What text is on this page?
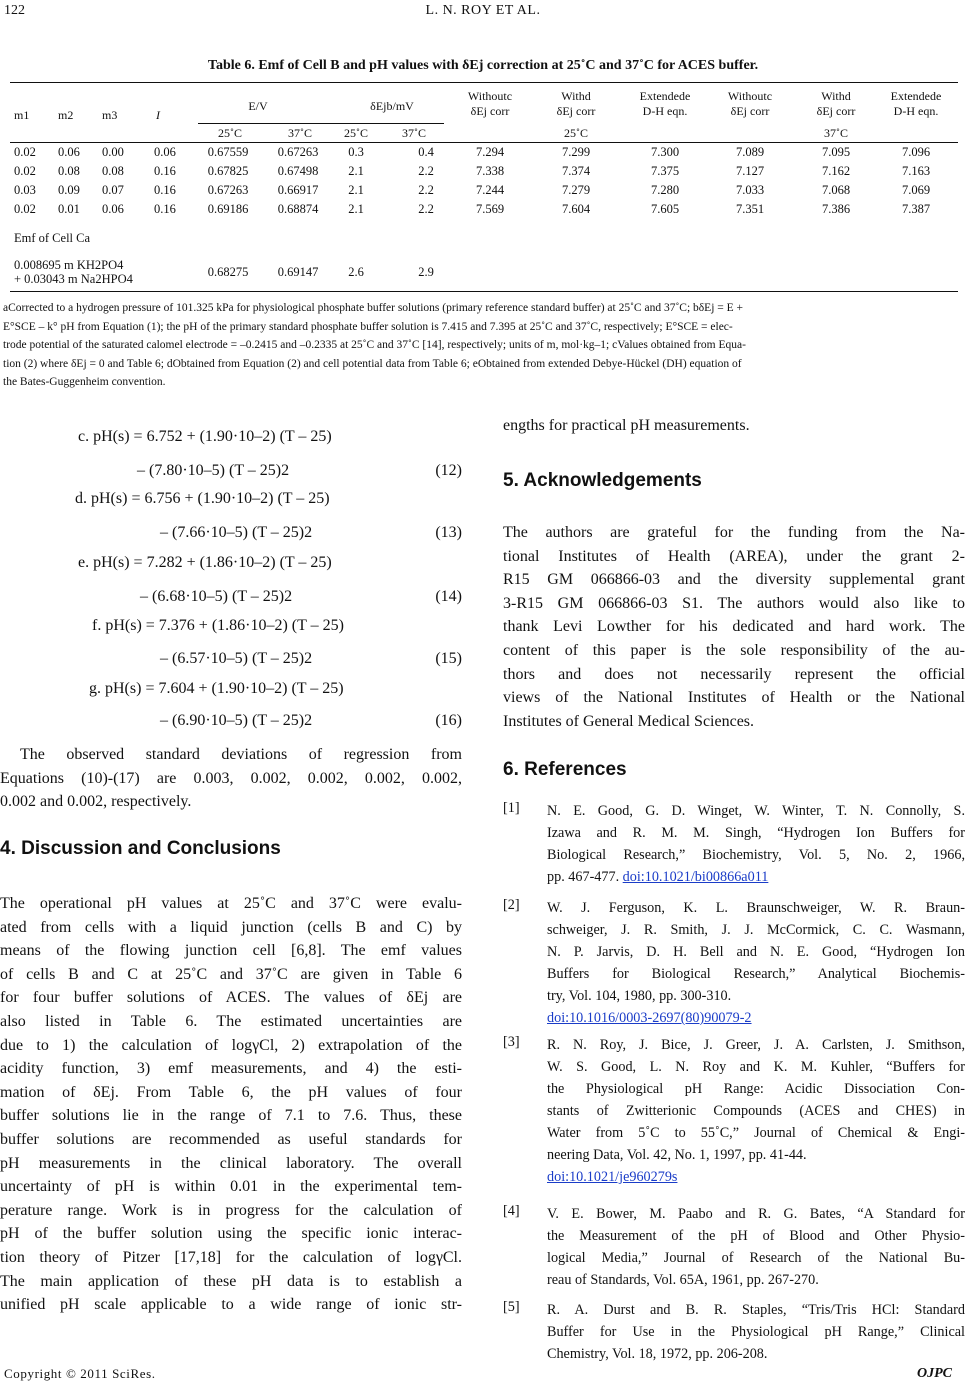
122	L. N. ROY ET AL.
Table 6. Emf of Cell B and pH values with δEj correction at 25˚C and 37˚C for ACES buffer.
m1 m2 m3	I
E/V	δEjb/mV
Withoutc
δEj corr
Withd
δEj corr
Extendede
D-H eqn.
Withoutc
δEj corr
Withd
δEj corr
Extendede
D-H eqn.
25˚C	37˚C	25˚C	37˚C	25˚C	37˚C
0.02 0.06 0.00 0.06	0.67559	0.67263	0.3	0.4	7.294	7.299	7.300	7.089	7.095	7.096
0.02 0.08 0.08 0.16	0.67825	0.67498	2.1	2.2	7.338	7.374	7.375	7.127	7.162	7.163
0.03 0.09 0.07 0.16	0.67263	0.66917	2.1	2.2	7.244	7.279	7.280	7.033	7.068	7.069
0.02 0.01 0.06 0.16	0.69186	0.68874	2.1	2.2	7.569	7.604	7.605	7.351	7.386	7.387
Emf of Cell Ca
0.008695 m KH2PO4
+ 0.03043 m Na2HPO4	0.68275	0.69147	2.6	2.9
aCorrected to a hydrogen pressure of 101.325 kPa for physiological phosphate buffer solutions (primary reference standard buffer) at 25˚C and 37˚C; bδEj = E +
E°SCE – k° pH from Equation (1); the pH of the primary standard phosphate buffer solution is 7.415 and 7.395 at 25˚C and 37˚C, respectively; E°SCE = elec-
trode potential of the saturated calomel electrode = –0.2415 and –0.2335 at 25˚C and 37˚C [14], respectively; units of m, mol·kg–1; cValues obtained from Equa-
tion (2) where δEj = 0 and Table 6; dObtained from Equation (2) and cell potential data from Table 6; eObtained from extended Debye-Hückel (DH) equation of
the Bates-Guggenheim convention.
c. pH(s) = 6.752 + (1.90·10–2) (T – 25)
– (7.80·10–5) (T – 25)2	(12)
d. pH(s) = 6.756 + (1.90·10–2) (T – 25)
– (7.66·10–5) (T – 25)2	(13)
e. pH(s) = 7.282 + (1.86·10–2) (T – 25)
– (6.68·10–5) (T – 25)2	(14)
f. pH(s) = 7.376 + (1.86·10–2) (T – 25)
– (6.57·10–5) (T – 25)2	(15)
g. pH(s) = 7.604 + (1.90·10–2) (T – 25)
– (6.90·10–5) (T – 25)2	(16)
The observed standard deviations of regression from
Equations (10)-(17) are 0.003, 0.002, 0.002, 0.002, 0.002,
0.002 and 0.002, respectively.
4. Discussion and Conclusions
The operational pH values at 25˚C and 37˚C were evalu-
ated from cells with a liquid junction (cells B and C) by
means of the flowing junction cell [6,8]. The emf values
of cells B and C at 25˚C and 37˚C are given in Table 6
for four buffer solutions of ACES. The values of δEj are
also listed in Table 6. The estimated uncertainties are
due to 1) the calculation of logγCl, 2) extrapolation of the
acidity function, 3) emf measurements, and 4) the esti-
mation of δEj. From Table 6, the pH values of four
buffer solutions lie in the range of 7.1 to 7.6. Thus, these
buffer solutions are recommended as useful standards for
pH measurements in the clinical laboratory. The overall
uncertainty of pH is within 0.01 in the experimental tem-
perature range. Work is in progress for the calculation of
pH of the buffer solution using the specific ionic interac-
tion theory of Pitzer [17,18] for the calculation of logγCl.
The main application of these pH data is to establish a
unified pH scale applicable to a wide range of ionic str-
engths for practical pH measurements.
5. Acknowledgements
The authors are grateful for the funding from the Na-
tional Institutes of Health (AREA), under the grant 2-
R15 GM 066866-03 and the diversity supplemental grant
3-R15 GM 066866-03 S1. The authors would also like to
thank Levi Lowther for his dedicated and hard work. The
content of this paper is the sole responsibility of the au-
thors and does not necessarily represent the official
views of the National Institutes of Health or the National
Institutes of General Medical Sciences.
6. References
[1] N. E. Good, G. D. Winget, W. Winter, T. N. Connolly, S.
Izawa and R. M. M. Singh, “Hydrogen Ion Buffers for
Biological Research,” Biochemistry, Vol. 5, No. 2, 1966,
pp. 467-477. doi:10.1021/bi00866a011
[2] W. J. Ferguson, K. L. Braunschweiger, W. R. Braun-
schweiger, J. R. Smith, J. J. McCormick, C. C. Wasmann,
N. P. Jarvis, D. H. Bell and N. E. Good, “Hydrogen Ion
Buffers for Biological Research,” Analytical Biochemis-
try, Vol. 104, 1980, pp. 300-310.
doi:10.1016/0003-2697(80)90079-2
[3] R. N. Roy, J. Bice, J. Greer, J. A. Carlsten, J. Smithson,
W. S. Good, L. N. Roy and K. M. Kuhler, “Buffers for
the Physiological pH Range: Acidic Dissociation Con-
stants of Zwitterionic Compounds (ACES and CHES) in
Water from 5˚C to 55˚C,” Journal of Chemical & Engi-
neering Data, Vol. 42, No. 1, 1997, pp. 41-44.
doi:10.1021/je960279s
[4] V. E. Bower, M. Paabo and R. G. Bates, “A Standard for
the Measurement of the pH of Blood and Other Physio-
logical Media,” Journal of Research of the National Bu-
reau of Standards, Vol. 65A, 1961, pp. 267-270.
[5] R. A. Durst and B. R. Staples, “Tris/Tris HCl: Standard
Buffer for Use in the Physiological pH Range,” Clinical
Chemistry, Vol. 18, 1972, pp. 206-208.
Copyright © 2011 SciRes.	OJPC
